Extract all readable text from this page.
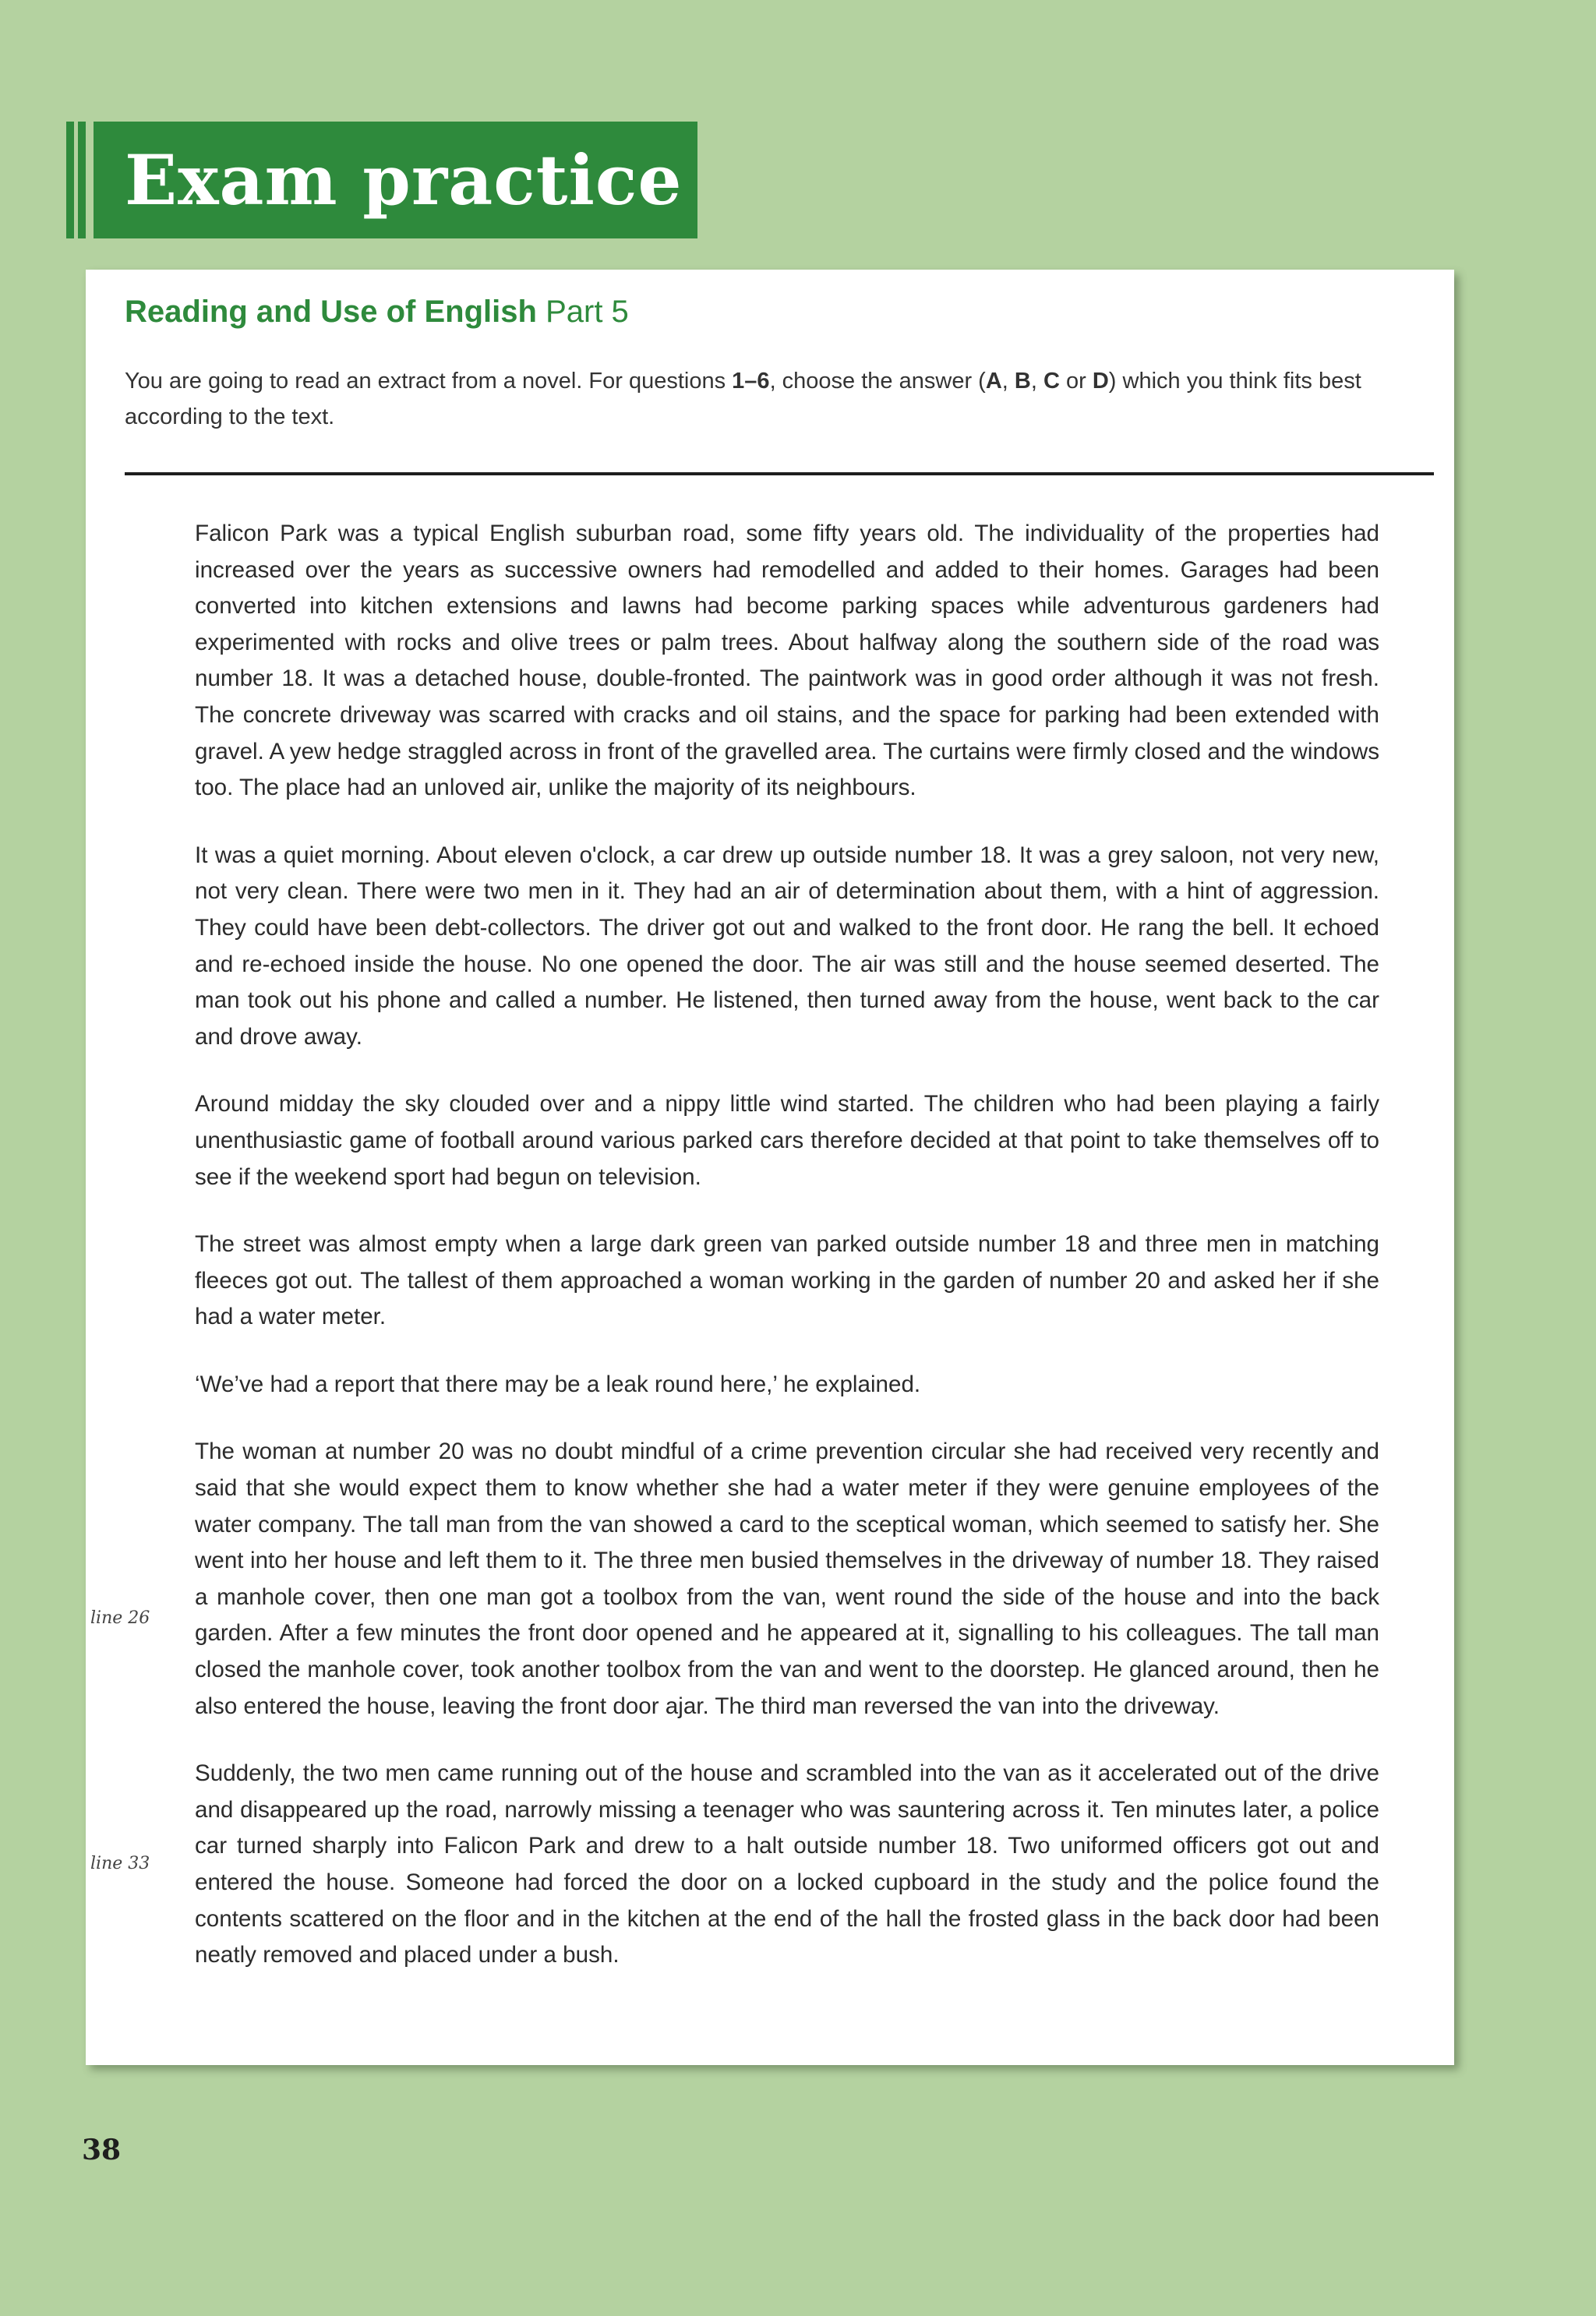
Exam practice
Reading and Use of English Part 5
You are going to read an extract from a novel. For questions 1–6, choose the answer (A, B, C or D) which you think fits best according to the text.

Falicon Park was a typical English suburban road, some fifty years old. The individuality of the properties had increased over the years as successive owners had remodelled and added to their homes. Garages had been converted into kitchen extensions and lawns had become parking spaces while adventurous gardeners had experimented with rocks and olive trees or palm trees. About halfway along the southern side of the road was number 18. It was a detached house, double-fronted. The paintwork was in good order although it was not fresh. The concrete driveway was scarred with cracks and oil stains, and the space for parking had been extended with gravel. A yew hedge straggled across in front of the gravelled area. The curtains were firmly closed and the windows too. The place had an unloved air, unlike the majority of its neighbours.

It was a quiet morning. About eleven o'clock, a car drew up outside number 18. It was a grey saloon, not very new, not very clean. There were two men in it. They had an air of determination about them, with a hint of aggression. They could have been debt-collectors. The driver got out and walked to the front door. He rang the bell. It echoed and re-echoed inside the house. No one opened the door. The air was still and the house seemed deserted. The man took out his phone and called a number. He listened, then turned away from the house, went back to the car and drove away.

Around midday the sky clouded over and a nippy little wind started. The children who had been playing a fairly unenthusiastic game of football around various parked cars therefore decided at that point to take themselves off to see if the weekend sport had begun on television.

The street was almost empty when a large dark green van parked outside number 18 and three men in matching fleeces got out. The tallest of them approached a woman working in the garden of number 20 and asked her if she had a water meter.

‘We’ve had a report that there may be a leak round here,’ he explained.

The woman at number 20 was no doubt mindful of a crime prevention circular she had received very recently and said that she would expect them to know whether she had a water meter if they were genuine employees of the water company. The tall man from the van showed a card to the sceptical woman, which seemed to satisfy her. She went into her house and left them to it. The three men busied themselves in the driveway of number 18. They raised a manhole cover, then one man got a toolbox from the van, went round the side of the house and into the back garden. After a few minutes the front door opened and he appeared at it, signalling to his colleagues. The tall man closed the manhole cover, took another toolbox from the van and went to the doorstep. He glanced around, then he also entered the house, leaving the front door ajar. The third man reversed the van into the driveway.

Suddenly, the two men came running out of the house and scrambled into the van as it accelerated out of the drive and disappeared up the road, narrowly missing a teenager who was sauntering across it. Ten minutes later, a police car turned sharply into Falicon Park and drew to a halt outside number 18. Two uniformed officers got out and entered the house. Someone had forced the door on a locked cupboard in the study and the police found the contents scattered on the floor and in the kitchen at the end of the hall the frosted glass in the back door had been neatly removed and placed under a bush.

line 26
line 33
38
